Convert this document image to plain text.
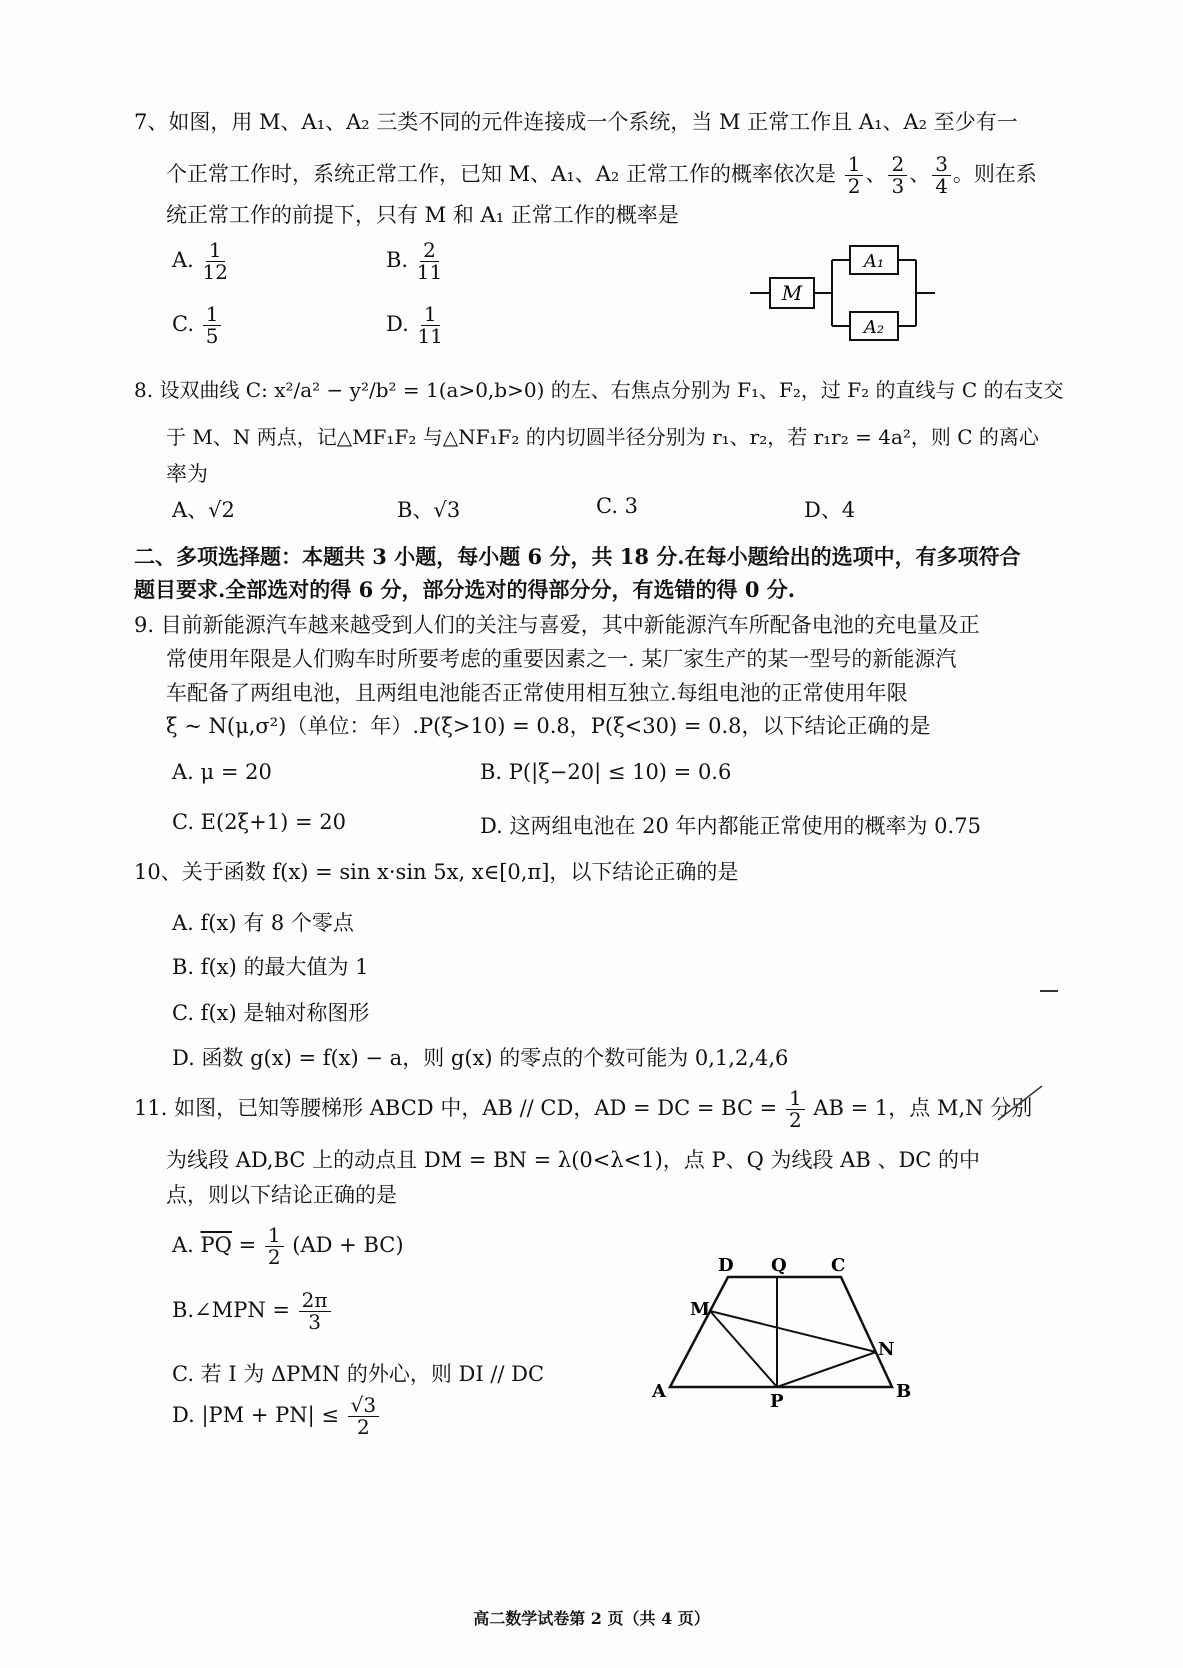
7、如图，用 M、A₁、A₂ 三类不同的元件连接成一个系统，当 M 正常工作且 A₁、A₂ 至少有一
个正常工作时，系统正常工作，已知 M、A₁、A₂ 正常工作的概率依次是 $\frac{1}{2}$ 、 $\frac{2}{3}$ 、 $\frac{3}{4}$ 。则在系
统正常工作的前提下，只有 M 和 A₁ 正常工作的概率是
A. $\frac{1}{12}$	B. $\frac{2}{11}$
C. $\frac{1}{5}$	D. $\frac{1}{11}$
M
A₁
A₂
8. 设双曲线 C: x²/a² − y²/b² = 1(a>0,b>0) 的左、右焦点分别为 F₁、F₂，过 F₂ 的直线与 C 的右支交
于 M、N 两点，记△MF₁F₂ 与△NF₁F₂ 的内切圆半径分别为 r₁、r₂，若 r₁r₂ = 4a²，则 C 的离心
率为
A、√2	B、√3	C. 3	D、4
二、多项选择题：本题共 3 小题，每小题 6 分，共 18 分.在每小题给出的选项中，有多项符合
题目要求.全部选对的得 6 分，部分选对的得部分分，有选错的得 0 分.
9. 目前新能源汽车越来越受到人们的关注与喜爱，其中新能源汽车所配备电池的充电量及正
常使用年限是人们购车时所要考虑的重要因素之一. 某厂家生产的某一型号的新能源汽
车配备了两组电池，且两组电池能否正常使用相互独立.每组电池的正常使用年限
ξ ~ N(μ,σ²)（单位：年）.P(ξ>10) = 0.8，P(ξ<30) = 0.8，以下结论正确的是
A. μ = 20	B. P(|ξ−20| ≤ 10) = 0.6
C. E(2ξ+1) = 20	D. 这两组电池在 20 年内都能正常使用的概率为 0.75
10、关于函数 f(x) = sin x·sin 5x, x∈[0,π]，以下结论正确的是
A. f(x) 有 8 个零点
B. f(x) 的最大值为 1
C. f(x) 是轴对称图形
D. 函数 g(x) = f(x) − a，则 g(x) 的零点的个数可能为 0,1,2,4,6
11. 如图，已知等腰梯形 ABCD 中，AB // CD，AD = DC = BC = $\frac{1}{2}$ AB = 1，点 M,N 分别
为线段 AD,BC 上的动点且 DM = BN = λ(0<λ<1)，点 P、Q 为线段 AB 、DC 的中
点，则以下结论正确的是
A. $\overline{PQ} = \frac{1}{2} (AD + BC)$
B.∠MPN = $\frac{2\pi}{3}$
C. 若 I 为 ΔPMN 的外心，则 DI // DC
D. $|PM + PN| \le \frac{√3}{2}$
D Q C
M
N
A	P	B
高二数学试卷第 2 页（共 4 页）
